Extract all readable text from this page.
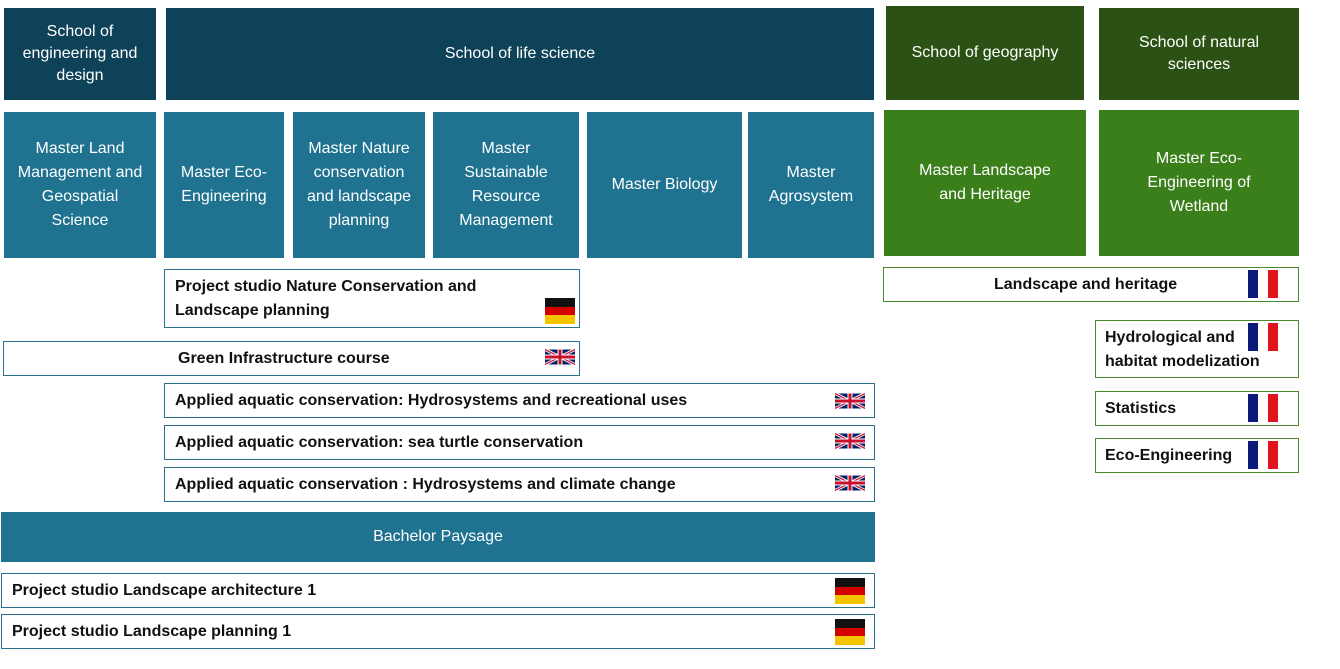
School of engineering and design
School of life science	School of geography
School of natural sciences
Master Land Management and Geospatial Science
Master Eco-Engineering
Master Nature conservation and landscape planning
Master Sustainable Resource Management
Master Biology
Master Agrosystem
Master Landscape and Heritage
Master Eco-Engineering of Wetland
Project studio Nature Conservation and Landscape planning
Green Infrastructure course
Applied aquatic conservation: Hydrosystems and recreational uses
Applied aquatic conservation: sea turtle conservation
Applied aquatic conservation : Hydrosystems and climate change
Bachelor Paysage
Project studio Landscape architecture 1
Project studio Landscape planning 1
Landscape and heritage
Hydrological and habitat modelization
Statistics
Eco-Engineering
